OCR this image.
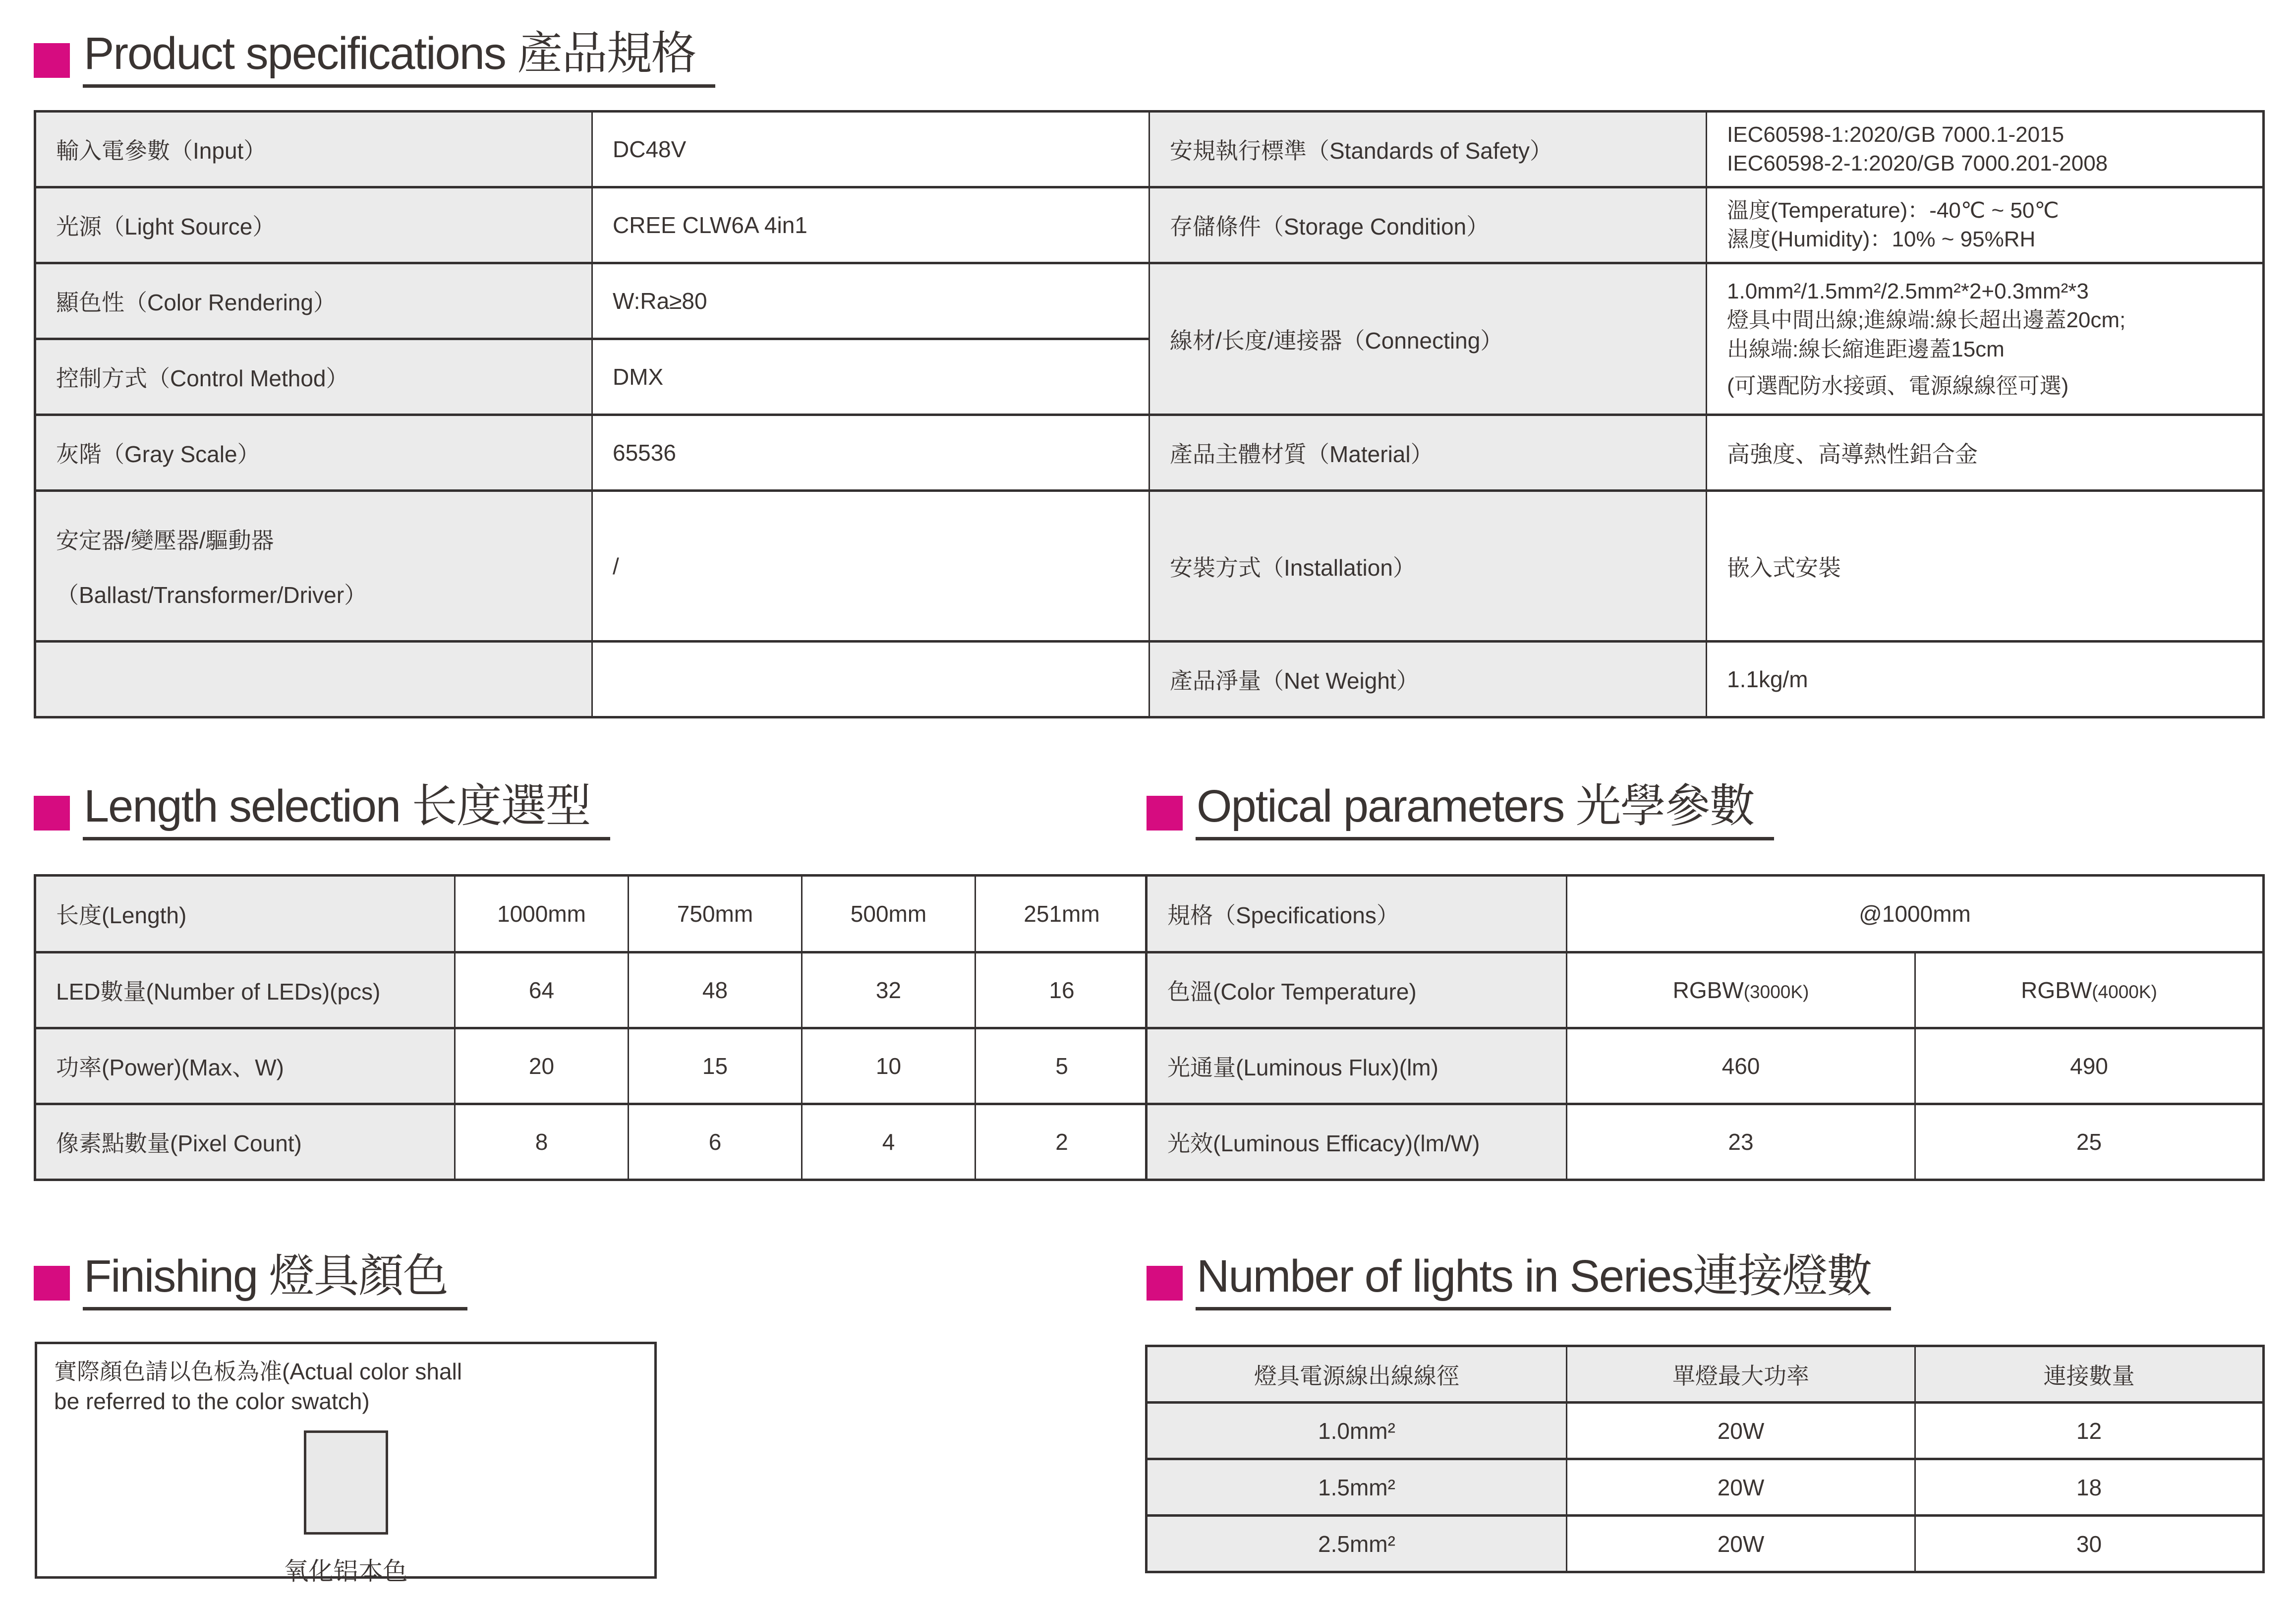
Product specifications 產品規格
輸入電參數（Input）	DC48V	安規執行標準（Standards of Safety）	IEC60598-1:2020/GB 7000.1-2015
IEC60598-2-1:2020/GB 7000.201-2008

光源（Light Source）	CREE CLW6A 4in1	存儲條件（Storage Condition）	溫度(Temperature)：-40℃ ~ 50℃
濕度(Humidity)：10% ~ 95%RH

顯色性（Color Rendering）	W:Ra≥80	線材/长度/連接器（Connecting）	1.0mm²/1.5mm²/2.5mm²*2+0.3mm²*3
燈具中間出線;進線端:線长超出邊蓋20cm;
出線端:線长縮進距邊蓋15cm
(可選配防水接頭、電源線線徑可選)

控制方式（Control Method）	DMX		
灰階（Gray Scale）	65536	產品主體材質（Material）	高強度、高導熱性鋁合金

安定器/變壓器/驅動器
（Ballast/Transformer/Driver）	/	安裝方式（Installation）	嵌入式安裝
		產品淨量（Net Weight）	1.1kg/m
Length selection 长度選型	Optical parameters 光學參數
长度(Length)	1000mm	750mm	500mm	251mm
LED數量(Number of LEDs)(pcs)	64	48	32	16
功率(Power)(Max、W)	20	15	10	5
像素點數量(Pixel Count)	8	6	4	2
規格（Specifications）	@1000mm	
色溫(Color Temperature)	RGBW(3000K)	RGBW(4000K)
光通量(Luminous Flux)(lm)	460	490
光效(Luminous Efficacy)(lm/W)	23	25
Finishing 燈具顏色	Number of lights in Series連接燈數
實際顏色請以色板為准(Actual color shall
be referred to the color swatch)
氧化铝本色
燈具電源線出線線徑	單燈最大功率	連接數量
1.0mm²	20W	12
1.5mm²	20W	18
2.5mm²	20W	30
